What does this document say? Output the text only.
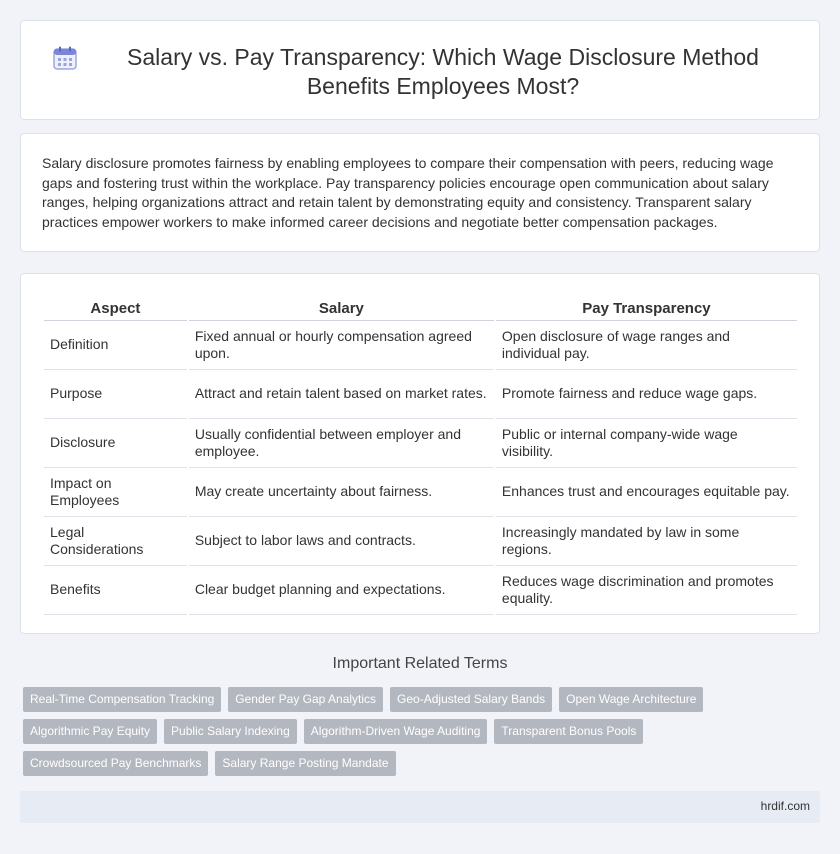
Salary vs. Pay Transparency: Which Wage Disclosure Method Benefits Employees Most?

Salary disclosure promotes fairness by enabling employees to compare their compensation with peers, reducing wage gaps and fostering trust within the workplace. Pay transparency policies encourage open communication about salary ranges, helping organizations attract and retain talent by demonstrating equity and consistency. Transparent salary practices empower workers to make informed career decisions and negotiate better compensation packages.

Aspect	Salary	Pay Transparency
Definition	Fixed annual or hourly compensation agreed upon.	Open disclosure of wage ranges and individual pay.
Purpose	Attract and retain talent based on market rates.	Promote fairness and reduce wage gaps.
Disclosure	Usually confidential between employer and employee.	Public or internal company-wide wage visibility.
Impact on Employees	May create uncertainty about fairness.	Enhances trust and encourages equitable pay.
Legal Considerations	Subject to labor laws and contracts.	Increasingly mandated by law in some regions.
Benefits	Clear budget planning and expectations.	Reduces wage discrimination and promotes equality.
Important Related Terms
Real-Time Compensation Tracking	Gender Pay Gap Analytics	Geo-Adjusted Salary Bands	Open Wage Architecture
Algorithmic Pay Equity	Public Salary Indexing	Algorithm-Driven Wage Auditing	Transparent Bonus Pools
Crowdsourced Pay Benchmarks	Salary Range Posting Mandate
hrdif.com
